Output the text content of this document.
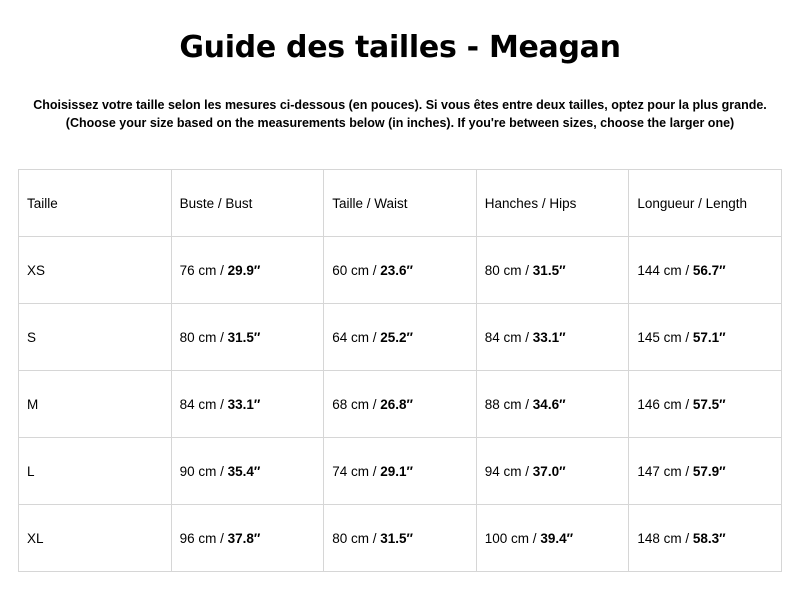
Guide des tailles - Meagan
Choisissez votre taille selon les mesures ci-dessous (en pouces). Si vous êtes entre deux tailles, optez pour la plus grande.
(Choose your size based on the measurements below (in inches). If you're between sizes, choose the larger one)
Taille	Buste / Bust	Taille / Waist	Hanches / Hips	Longueur / Length
XS	76 cm / 29.9″	60 cm / 23.6″	80 cm / 31.5″	144 cm / 56.7″
S	80 cm / 31.5″	64 cm / 25.2″	84 cm / 33.1″	145 cm / 57.1″
M	84 cm / 33.1″	68 cm / 26.8″	88 cm / 34.6″	146 cm / 57.5″
L	90 cm / 35.4″	74 cm / 29.1″	94 cm / 37.0″	147 cm / 57.9″
XL	96 cm / 37.8″	80 cm / 31.5″	100 cm / 39.4″	148 cm / 58.3″
